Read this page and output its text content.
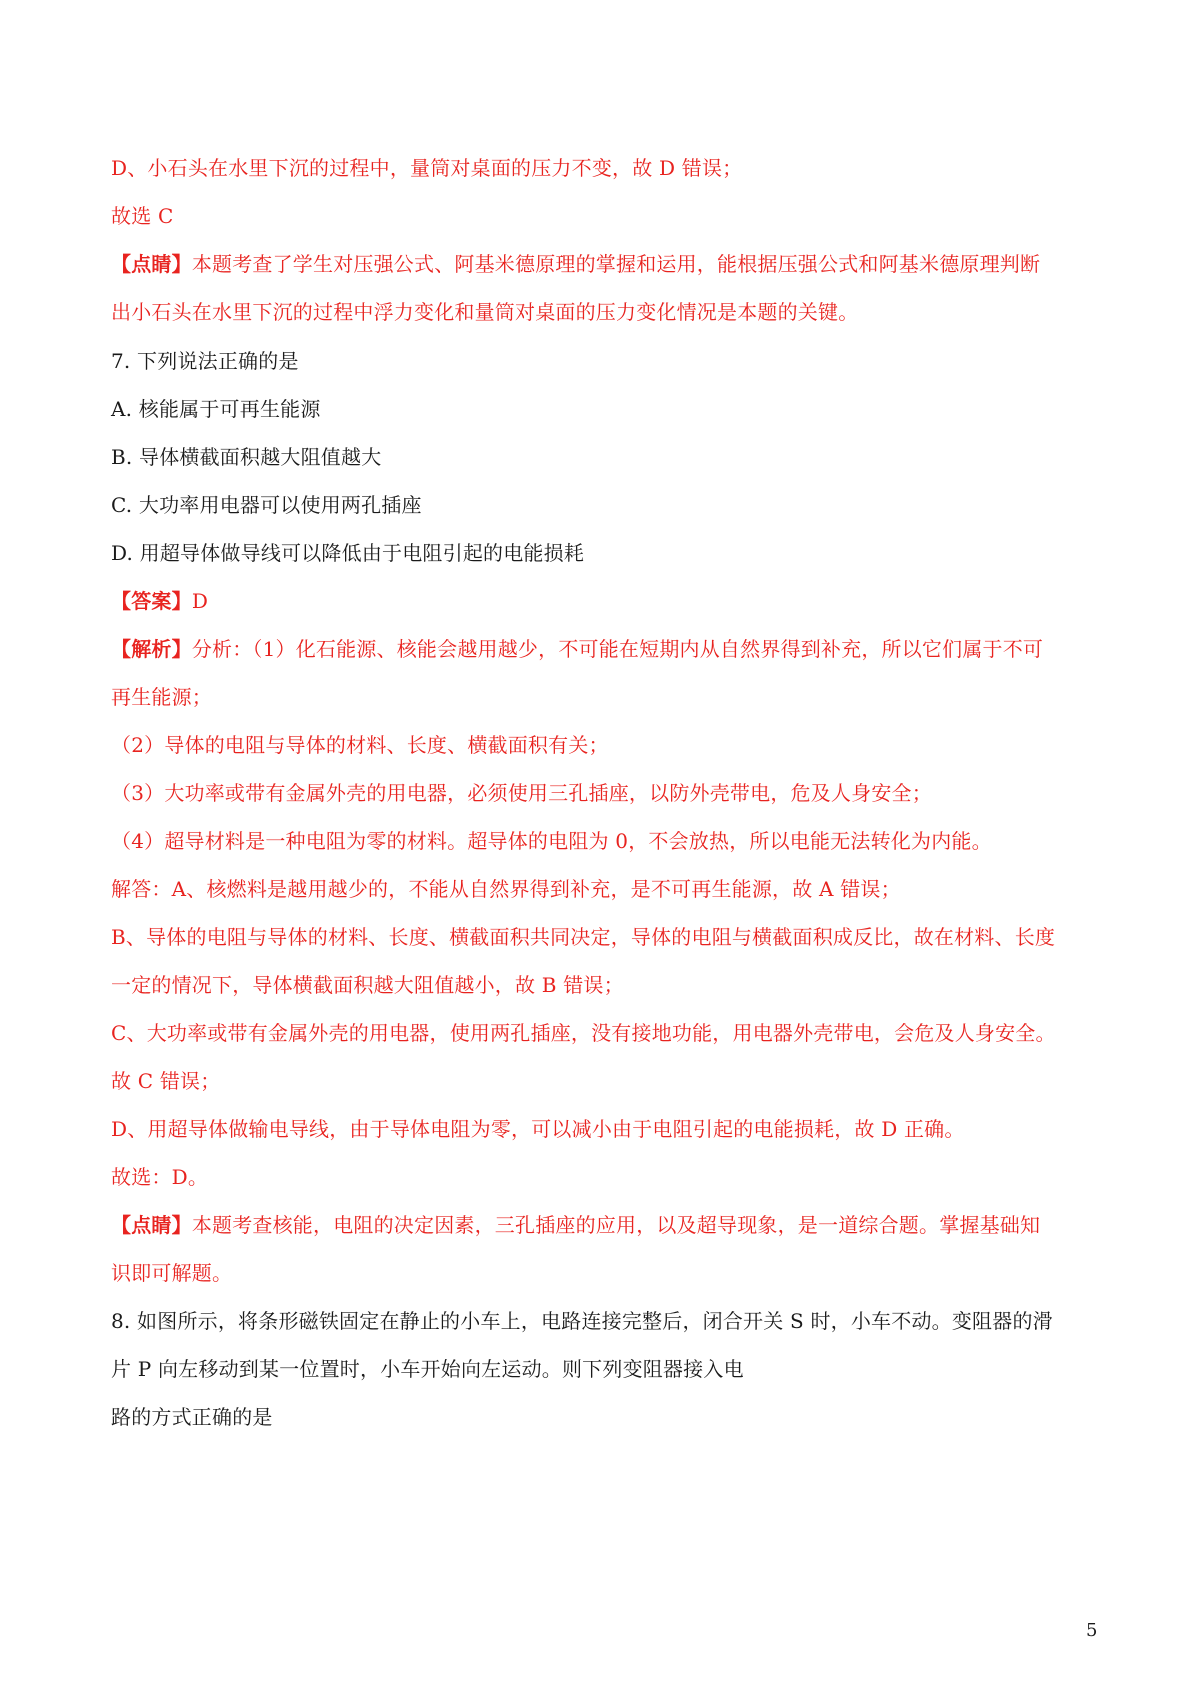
D、小石头在水里下沉的过程中，量筒对桌面的压力不变，故 D 错误；
故选 C
【点睛】本题考查了学生对压强公式、阿基米德原理的掌握和运用，能根据压强公式和阿基米德原理判断
出小石头在水里下沉的过程中浮力变化和量筒对桌面的压力变化情况是本题的关键。
7. 下列说法正确的是
A. 核能属于可再生能源
B. 导体横截面积越大阻值越大
C. 大功率用电器可以使用两孔插座
D. 用超导体做导线可以降低由于电阻引起的电能损耗
【答案】D
【解析】分析：（1）化石能源、核能会越用越少，不可能在短期内从自然界得到补充，所以它们属于不可
再生能源；
（2）导体的电阻与导体的材料、长度、横截面积有关；
（3）大功率或带有金属外壳的用电器，必须使用三孔插座，以防外壳带电，危及人身安全；
（4）超导材料是一种电阻为零的材料。超导体的电阻为 0，不会放热，所以电能无法转化为内能。
解答：A、核燃料是越用越少的，不能从自然界得到补充，是不可再生能源，故 A 错误；
B、导体的电阻与导体的材料、长度、横截面积共同决定，导体的电阻与横截面积成反比，故在材料、长度
一定的情况下，导体横截面积越大阻值越小，故 B 错误；
C、大功率或带有金属外壳的用电器，使用两孔插座，没有接地功能，用电器外壳带电，会危及人身安全。
故 C 错误；
D、用超导体做输电导线，由于导体电阻为零，可以减小由于电阻引起的电能损耗，故 D 正确。
故选：D。
【点睛】本题考查核能，电阻的决定因素，三孔插座的应用，以及超导现象，是一道综合题。掌握基础知
识即可解题。
8. 如图所示，将条形磁铁固定在静止的小车上，电路连接完整后，闭合开关 S 时，小车不动。变阻器的滑
片 P 向左移动到某一位置时，小车开始向左运动。则下列变阻器接入电
路的方式正确的是
5
